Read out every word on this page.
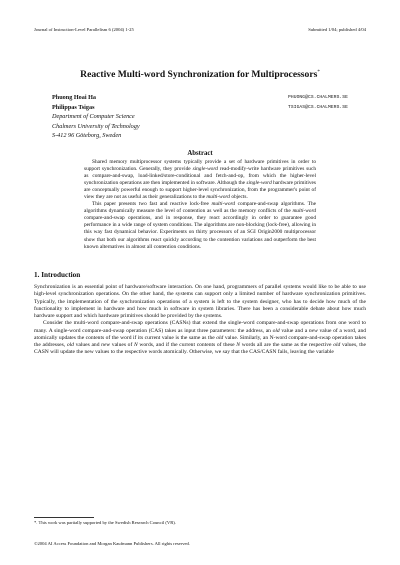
Journal of Instruction-Level Parallelism 6 (2004) 1-25	Submitted 1/04; published 4/04
Reactive Multi-word Synchronization for Multiprocessors*
Phuong Hoai Ha	PHUONG@CS.CHALMERS.SE
Philippas Tsigas	TSIGAS@CS.CHALMERS.SE
Department of Computer Science
Chalmers University of Technology
S-412 96 Göteborg, Sweden
Abstract

Shared memory multiprocessor systems typically provide a set of hardware primitives in order to support synchronization. Generally, they provide single-word read-modify-write hardware primitives such as compare-and-swap, load-linked/store-conditional and fetch-and-op, from which the higher-level synchronization operations are then implemented in software. Although the single-word hardware primitives are conceptually powerful enough to support higher-level synchronization, from the programmer's point of view they are not as useful as their generalizations to the multi-word objects.

This paper presents two fast and reactive lock-free multi-word compare-and-swap algorithms. The algorithms dynamically measure the level of contention as well as the memory conflicts of the multi-word compare-and-swap operations, and in response, they react accordingly in order to guarantee good performance in a wide range of system conditions. The algorithms are non-blocking (lock-free), allowing in this way fast dynamical behavior. Experiments on thirty processors of an SGI Origin2000 multiprocessor show that both our algorithms react quickly according to the contention variations and outperform the best known alternatives in almost all contention conditions.

1. Introduction

Synchronization is an essential point of hardware/software interaction. On one hand, programmers of parallel systems would like to be able to use high-level synchronization operations. On the other hand, the systems can support only a limited number of hardware synchronization primitives. Typically, the implementation of the synchronization operations of a system is left to the system designer, who has to decide how much of the functionality to implement in hardware and how much in software in system libraries. There has been a considerable debate about how much hardware support and which hardware primitives should be provided by the systems.

Consider the multi-word compare-and-swap operations (CASNs) that extend the single-word compare-and-swap operations from one word to many. A single-word compare-and-swap operation (CAS) takes as input three parameters: the address, an old value and a new value of a word, and atomically updates the contents of the word if its current value is the same as the old value. Similarly, an N-word compare-and-swap operation takes the addresses, old values and new values of N words, and if the current contents of these N words all are the same as the respective old values, the CASN will update the new values to the respective words atomically. Otherwise, we say that the CAS/CASN fails, leaving the variable

*. This work was partially supported by the Swedish Research Council (VR).
©2004 AI Access Foundation and Morgan Kaufmann Publishers. All rights reserved.
